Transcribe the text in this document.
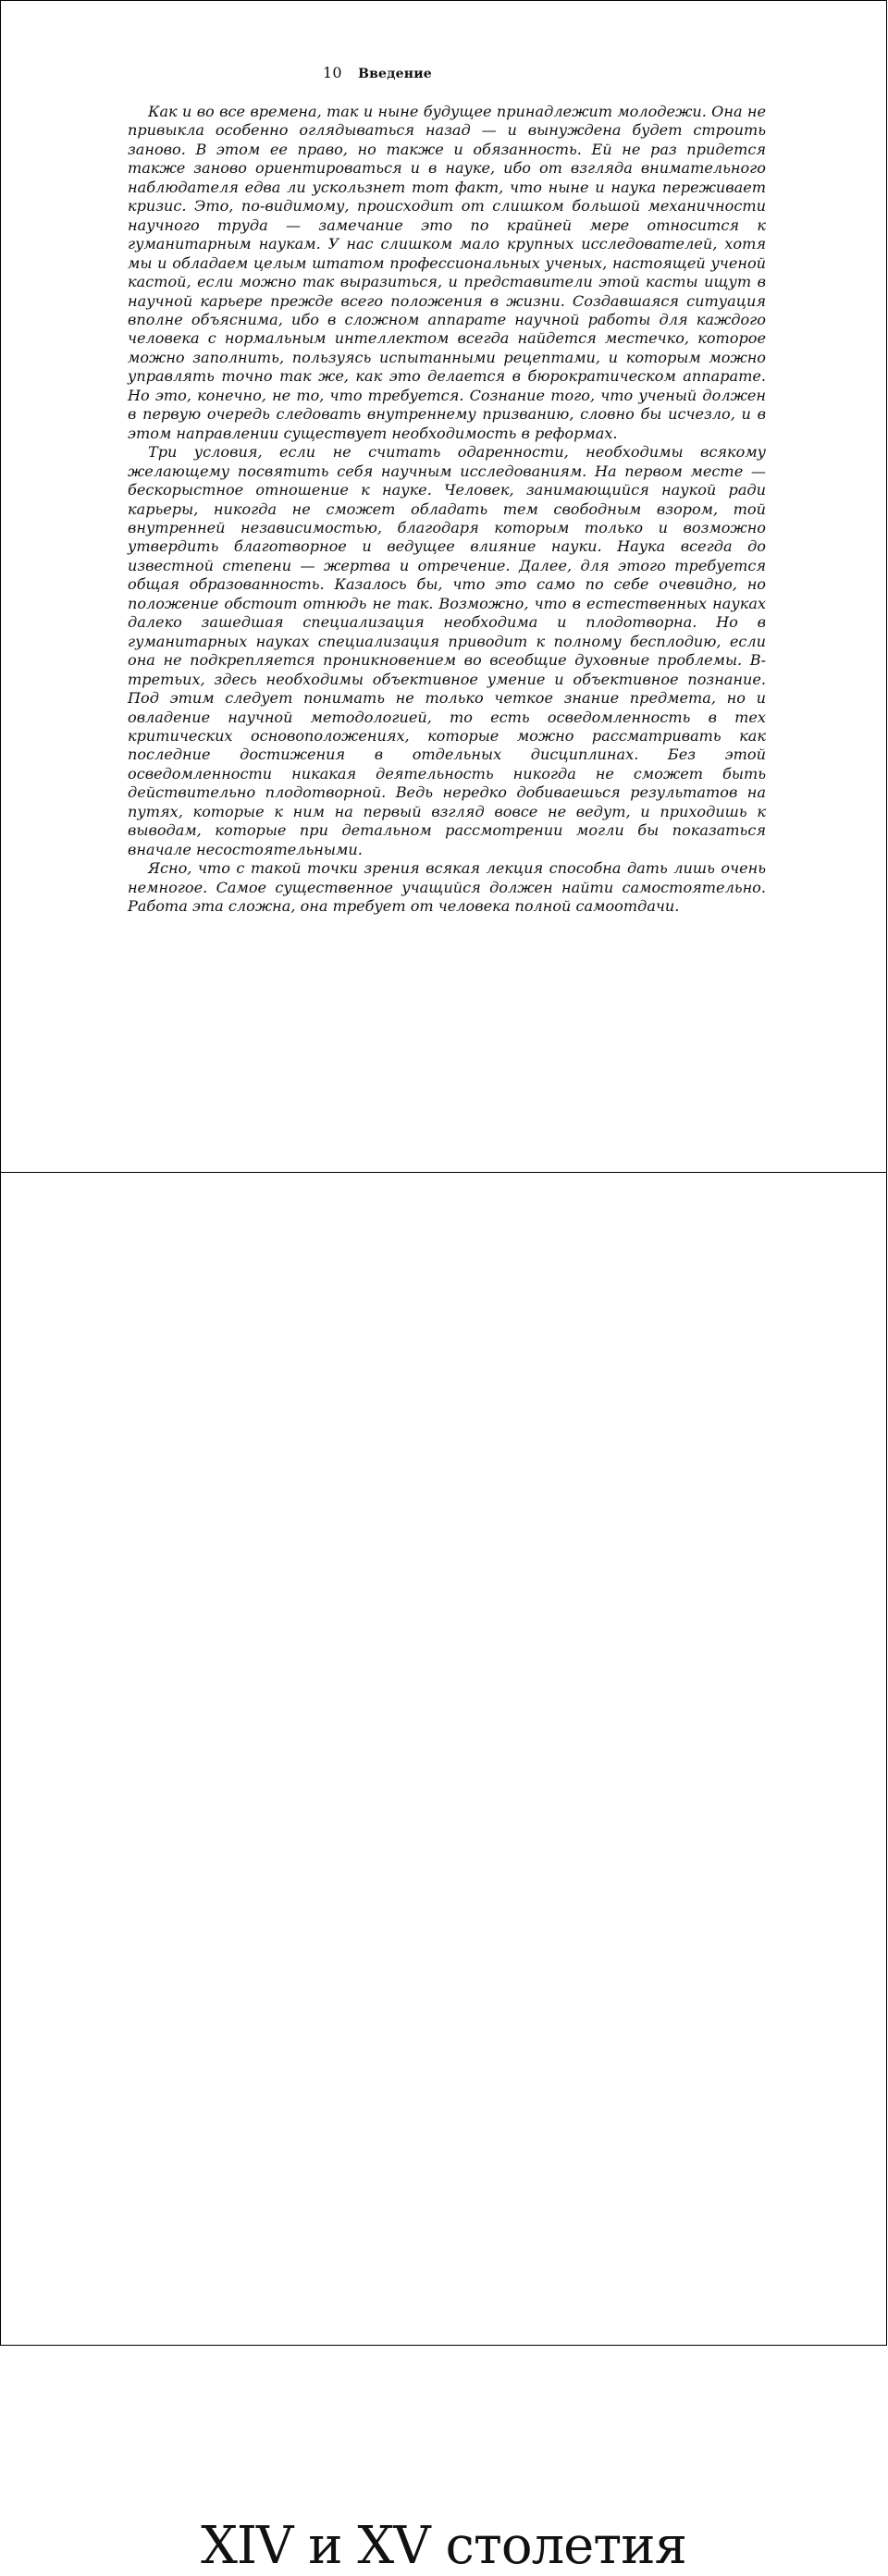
10 Введение

Как и во все времена, так и ныне будущее принадлежит молодежи. Она не привыкла особенно оглядываться назад — и вынуждена будет строить заново. В этом ее право, но также и обязанность. Ей не раз придется также заново ориентироваться и в науке, ибо от взгляда внимательного наблюдателя едва ли ускользнет тот факт, что ныне и наука переживает кризис. Это, по-видимому, происходит от слишком большой механичности научного труда — замечание это по крайней мере относится к гуманитарным наукам. У нас слишком мало крупных исследователей, хотя мы и обладаем целым штатом профессиональных ученых, настоящей ученой кастой, если можно так выразиться, и представители этой касты ищут в научной карьере прежде всего положения в жизни. Создавшаяся ситуация вполне объяснима, ибо в сложном аппарате научной работы для каждого человека с нормальным интеллектом всегда найдется местечко, которое можно заполнить, пользуясь испытанными рецептами, и которым можно управлять точно так же, как это делается в бюрократическом аппарате. Но это, конечно, не то, что требуется. Сознание того, что ученый должен в первую очередь следовать внутреннему призванию, словно бы исчезло, и в этом направлении существует необходимость в реформах.

Три условия, если не считать одаренности, необходимы всякому желающему посвятить себя научным исследованиям. На первом месте — бескорыстное отношение к науке. Человек, занимающийся наукой ради карьеры, никогда не сможет обладать тем свободным взором, той внутренней независимостью, благодаря которым только и возможно утвердить благотворное и ведущее влияние науки. Наука всегда до известной степени — жертва и отречение. Далее, для этого требуется общая образованность. Казалось бы, что это само по себе очевидно, но положение обстоит отнюдь не так. Возможно, что в естественных науках далеко зашедшая специализация необходима и плодотворна. Но в гуманитарных науках специализация приводит к полному бесплодию, если она не подкрепляется проникновением во всеобщие духовные проблемы. В-третьих, здесь необходимы объективное умение и объективное познание. Под этим следует понимать не только четкое знание предмета, но и овладение научной методологией, то есть осведомленность в тех критических основоположениях, которые можно рассматривать как последние достижения в отдельных дисциплинах. Без этой осведомленности никакая деятельность никогда не сможет быть действительно плодотворной. Ведь нередко добиваешься результатов на путях, которые к ним на первый взгляд вовсе не ведут, и приходишь к выводам, которые при детальном рассмотрении могли бы показаться вначале несостоятельными.

Ясно, что с такой точки зрения всякая лекция способна дать лишь очень немногое. Самое существенное учащийся должен найти самостоятельно. Работа эта сложна, она требует от человека полной самоотдачи.

XIV и XV столетия
